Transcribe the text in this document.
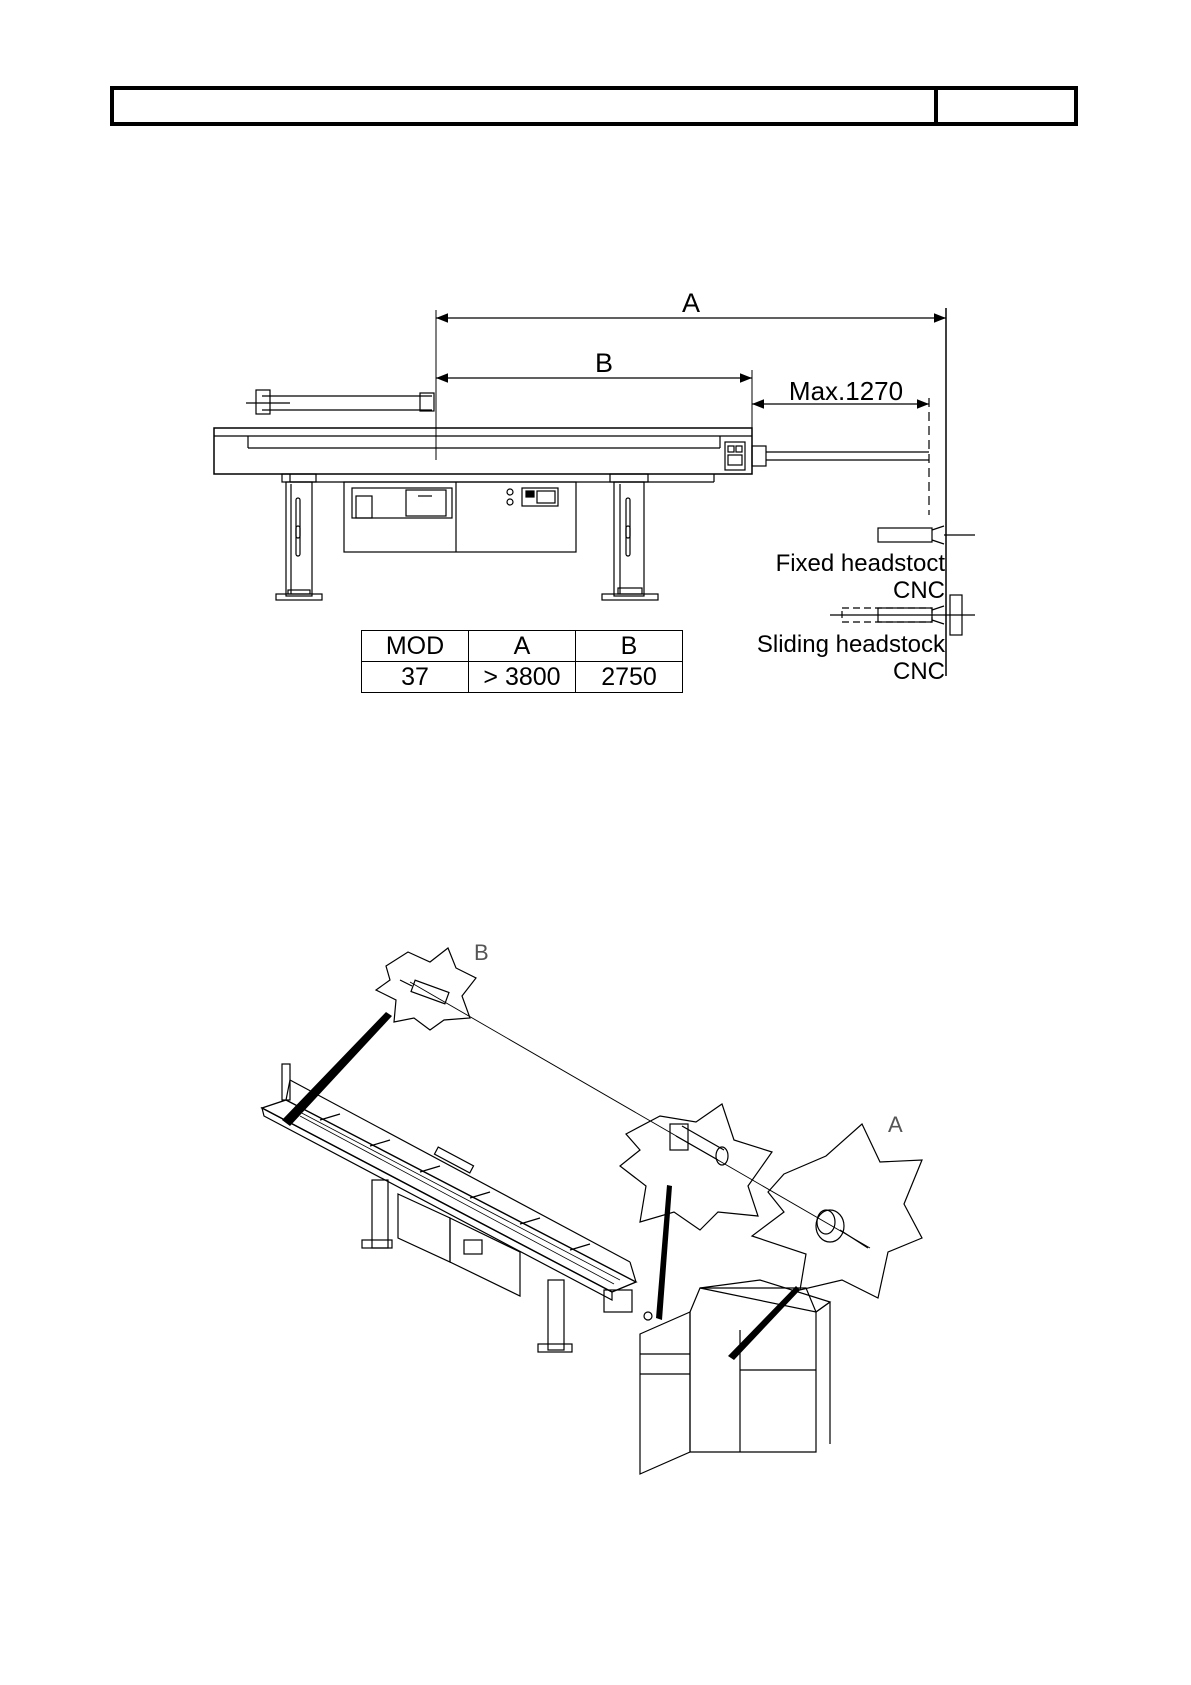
A
B
Max.1270
Fixed headstoct
CNC
Sliding headstock
CNC
B
A
MOD	A	B
37	> 3800	2750
